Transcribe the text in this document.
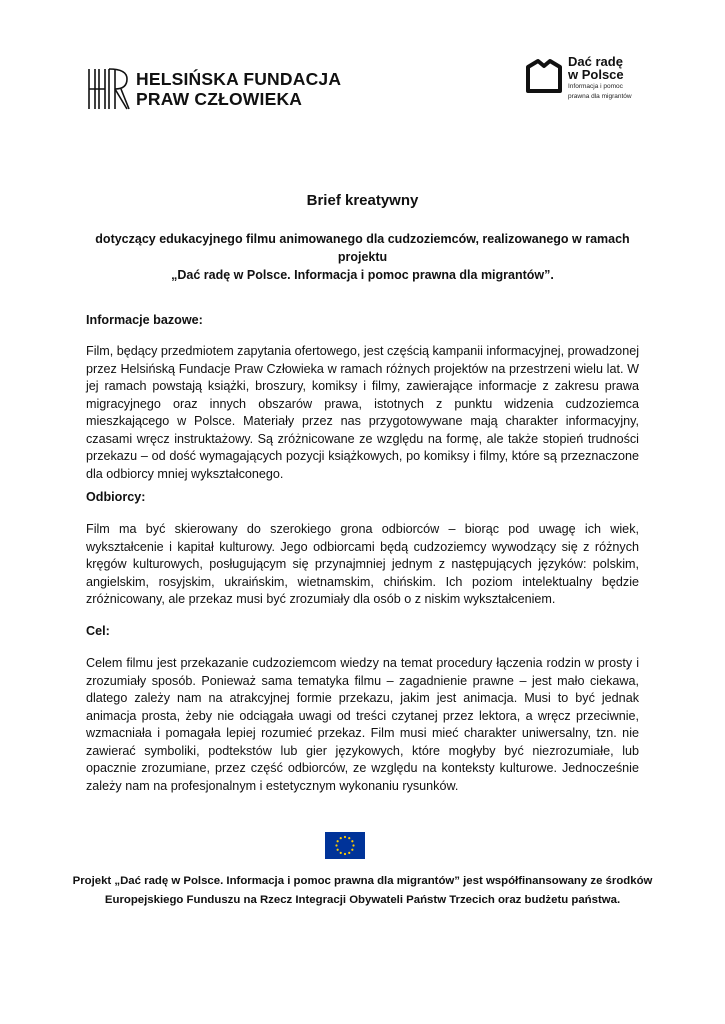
HELSIŃSKA FUNDACJA
PRAW CZŁOWIEKA
Dać radę
w Polsce
Informacja i pomoc
prawna dla migrantów
Brief kreatywny
dotyczący edukacyjnego filmu animowanego dla cudzoziemców, realizowanego w ramach projektu
„Dać radę w Polsce. Informacja i pomoc prawna dla migrantów”.
Informacje bazowe:
Film, będący przedmiotem zapytania ofertowego, jest częścią kampanii informacyjnej, prowadzonej przez Helsińską Fundacje Praw Człowieka w ramach różnych projektów na przestrzeni wielu lat. W jej ramach powstają książki, broszury, komiksy i filmy, zawierające informacje z zakresu prawa migracyjnego oraz innych obszarów prawa, istotnych z punktu widzenia cudzoziemca mieszkającego w Polsce. Materiały przez nas przygotowywane mają charakter informacyjny, czasami wręcz instruktażowy. Są zróżnicowane ze względu na formę, ale także stopień trudności przekazu – od dość wymagających pozycji książkowych, po komiksy i filmy, które są przeznaczone dla odbiorcy mniej wykształconego.
Odbiorcy:
Film ma być skierowany do szerokiego grona odbiorców – biorąc pod uwagę ich wiek, wykształcenie i kapitał kulturowy. Jego odbiorcami będą cudzoziemcy wywodzący się z różnych kręgów kulturowych, posługującym się przynajmniej jednym z następujących języków: polskim, angielskim, rosyjskim, ukraińskim, wietnamskim, chińskim. Ich poziom intelektualny będzie zróżnicowany, ale przekaz musi być zrozumiały dla osób o z niskim wykształceniem.
Cel:
Celem filmu jest przekazanie cudzoziemcom wiedzy na temat procedury łączenia rodzin w prosty i zrozumiały sposób. Ponieważ sama tematyka filmu – zagadnienie prawne – jest mało ciekawa, dlatego zależy nam na atrakcyjnej formie przekazu, jakim jest animacja. Musi to być jednak animacja prosta, żeby nie odciągała uwagi od treści czytanej przez lektora, a wręcz przeciwnie, wzmacniała i pomagała lepiej rozumieć przekaz. Film musi mieć charakter uniwersalny, tzn. nie zawierać symboliki, podtekstów lub gier językowych, które mogłyby być niezrozumiałe, lub opacznie zrozumiane, przez część odbiorców, ze względu na konteksty kulturowe. Jednocześnie zależy nam na profesjonalnym i estetycznym wykonaniu rysunków.
Projekt „Dać radę w Polsce. Informacja i pomoc prawna dla migrantów” jest współfinansowany ze środków
Europejskiego Funduszu na Rzecz Integracji Obywateli Państw Trzecich oraz budżetu państwa.
